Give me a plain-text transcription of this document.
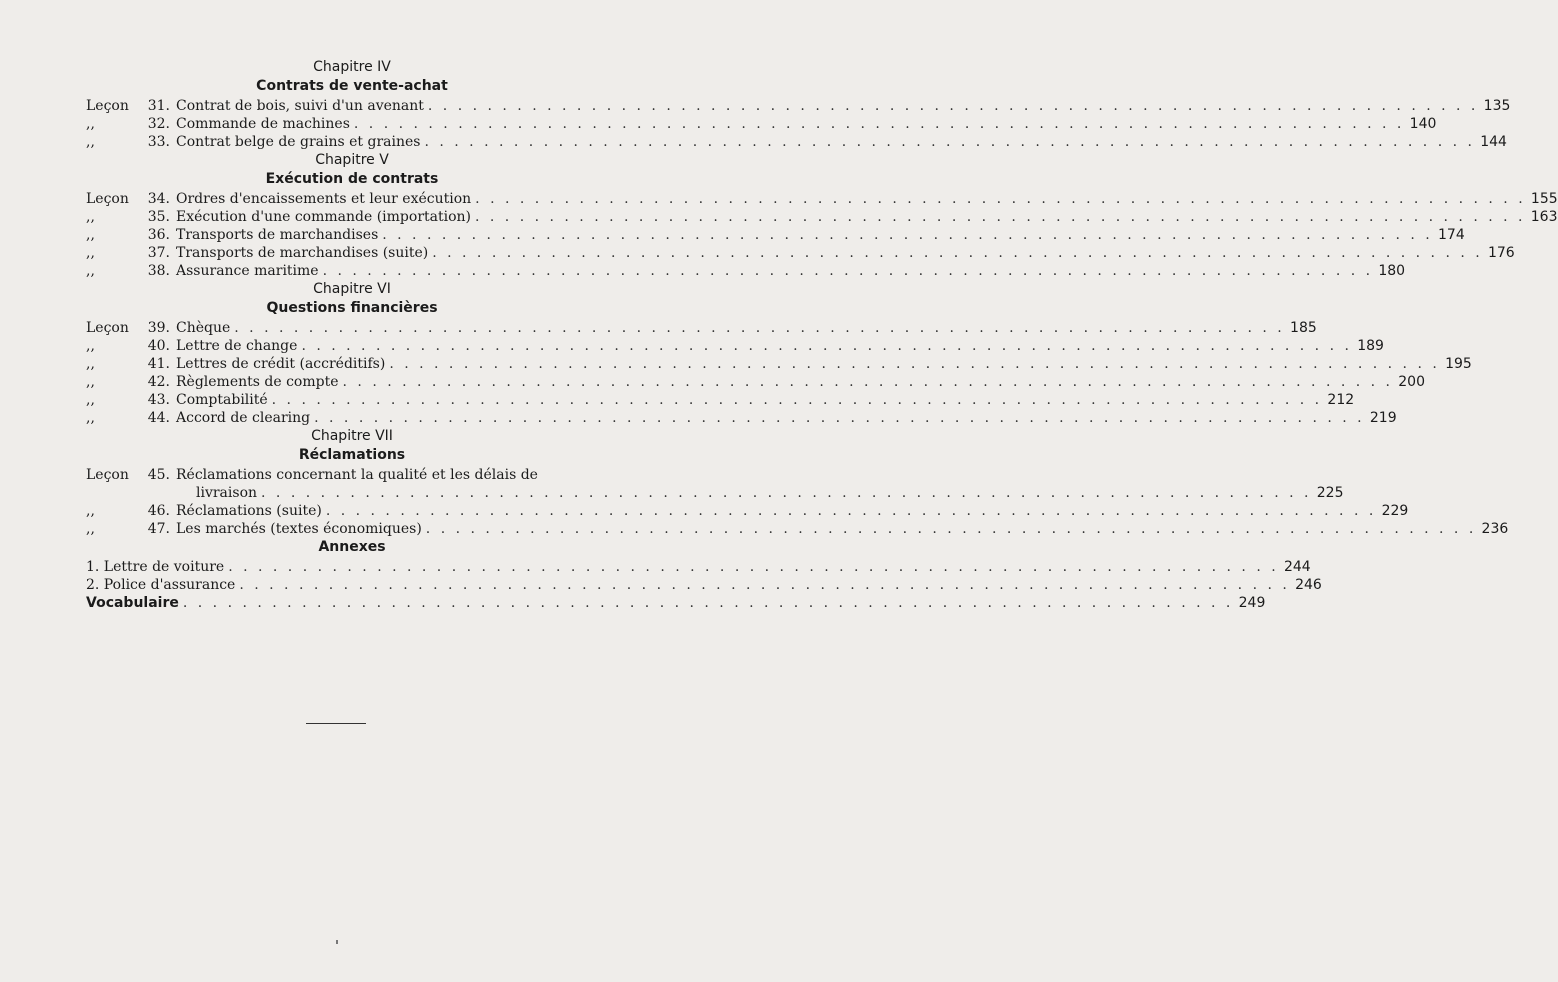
Chapitre IV
Contrats de vente-achat
Leçon	31. Contrat de bois, suivi d'un avenant . . .	135
,,	32. Commande de machines . . .	140
,,	33. Contrat belge de grains et graines . . .	144
Chapitre V
Exécution de contrats
Leçon	34. Ordres d'encaissements et leur exécution . . .	155
,,	35. Exécution d'une commande (importation) . . .	163
,,	36. Transports de marchandises . . .	174
,,	37. Transports de marchandises (suite) . . .	176
,,	38. Assurance maritime . . .	180
Chapitre VI
Questions financières
Leçon	39. Chèque . . .	185
,,	40. Lettre de change . . .	189
,,	41. Lettres de crédit (accréditifs) . . .	195
,,	42. Règlements de compte . . .	200
,,	43. Comptabilité . . .	212
,,	44. Accord de clearing . . .	219
Chapitre VII
Réclamations
Leçon	45. Réclamations concernant la qualité et les délais de
livraison . . .	225
,,	46. Réclamations (suite) . . .	229
,,	47. Les marchés (textes économiques) . . .	236
Annexes
1. Lettre de voiture . . .	244
2. Police d'assurance . . .	246
Vocabulaire . . .	249
